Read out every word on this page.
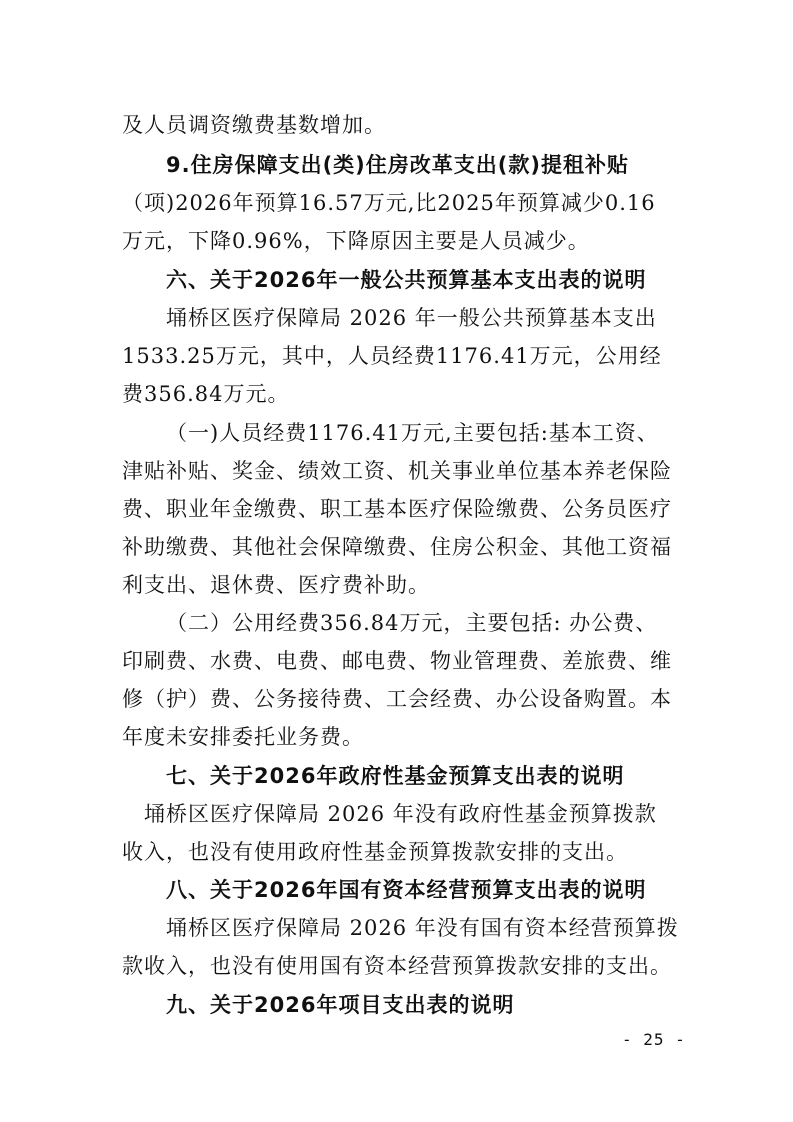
及人员调资缴费基数增加。
9.住房保障支出(类)住房改革支出(款)提租补贴
（项)2026年预算16.57万元,比2025年预算减少0.16
万元，下降0.96%，下降原因主要是人员减少。
六、关于2026年一般公共预算基本支出表的说明
埇桥区医疗保障局 2026 年一般公共预算基本支出
1533.25万元，其中，人员经费1176.41万元，公用经
费356.84万元。
（一)人员经费1176.41万元,主要包括:基本工资、
津贴补贴、奖金、绩效工资、机关事业单位基本养老保险
费、职业年金缴费、职工基本医疗保险缴费、公务员医疗
补助缴费、其他社会保障缴费、住房公积金、其他工资福
利支出、退休费、医疗费补助。
（二）公用经费356.84万元，主要包括: 办公费、
印刷费、水费、电费、邮电费、物业管理费、差旅费、维
修（护）费、公务接待费、工会经费、办公设备购置。本
年度未安排委托业务费。
七、关于2026年政府性基金预算支出表的说明
埇桥区医疗保障局 2026 年没有政府性基金预算拨款
收入，也没有使用政府性基金预算拨款安排的支出。
八、关于2026年国有资本经营预算支出表的说明
埇桥区医疗保障局 2026 年没有国有资本经营预算拨
款收入，也没有使用国有资本经营预算拨款安排的支出。
九、关于2026年项目支出表的说明
- 25 -
